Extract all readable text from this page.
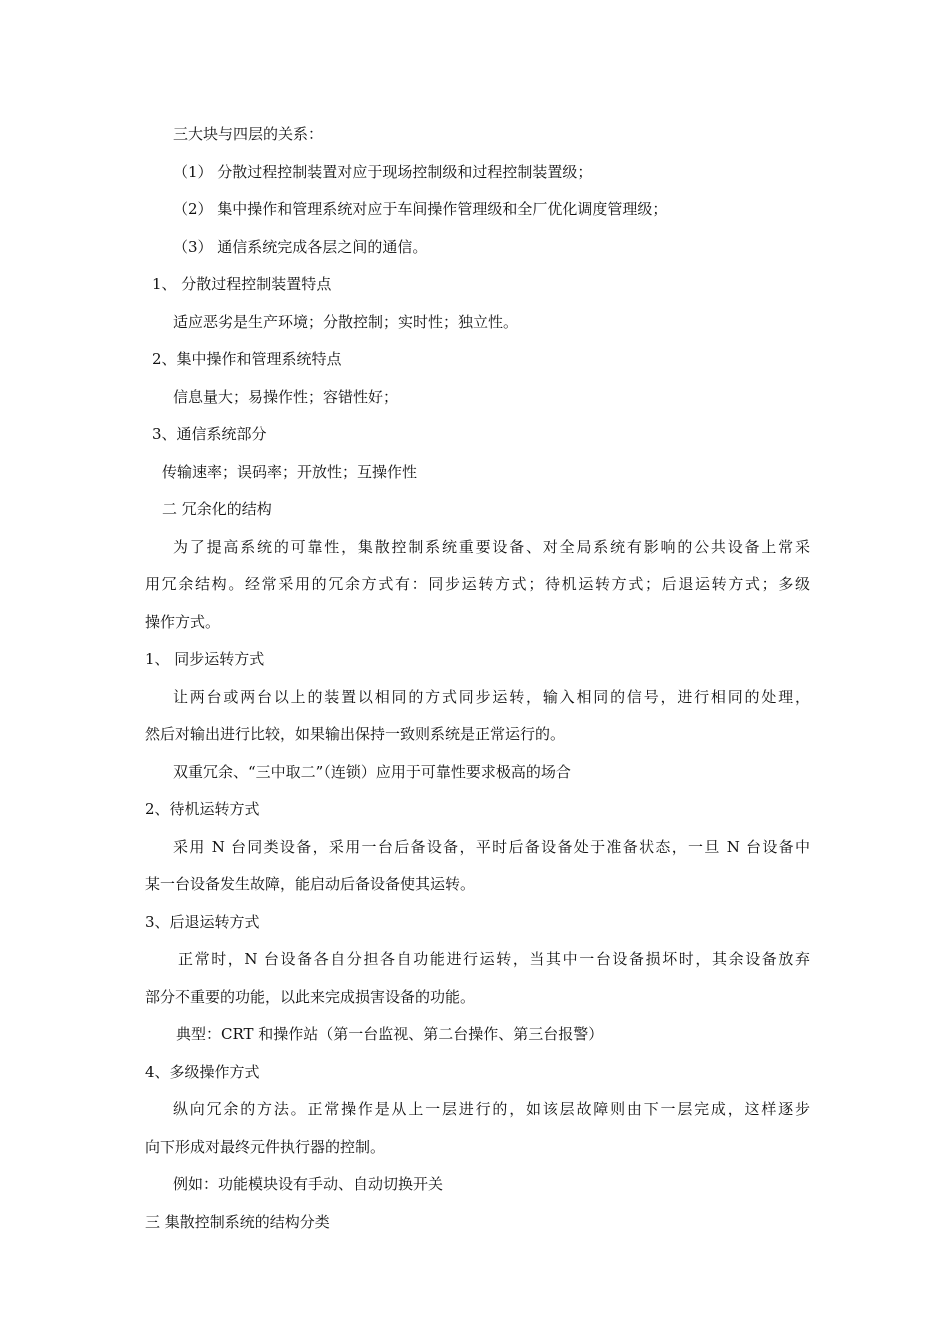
三大块与四层的关系：
（1） 分散过程控制装置对应于现场控制级和过程控制装置级；
（2） 集中操作和管理系统对应于车间操作管理级和全厂优化调度管理级；
（3） 通信系统完成各层之间的通信。
1、 分散过程控制装置特点
适应恶劣是生产环境；分散控制；实时性；独立性。
2、集中操作和管理系统特点
信息量大；易操作性；容错性好；
3、通信系统部分
传输速率；误码率；开放性；互操作性
二 冗余化的结构
为了提高系统的可靠性，集散控制系统重要设备、对全局系统有影响的公共设备上常采
用冗余结构。经常采用的冗余方式有：同步运转方式；待机运转方式；后退运转方式；多级
操作方式。
1、 同步运转方式
让两台或两台以上的装置以相同的方式同步运转，输入相同的信号，进行相同的处理，
然后对输出进行比较，如果输出保持一致则系统是正常运行的。
双重冗余、“三中取二”（连锁）应用于可靠性要求极高的场合
2、待机运转方式
采用 N 台同类设备，采用一台后备设备，平时后备设备处于准备状态，一旦 N 台设备中
某一台设备发生故障，能启动后备设备使其运转。
3、后退运转方式
正常时，N 台设备各自分担各自功能进行运转，当其中一台设备损坏时，其余设备放弃
部分不重要的功能，以此来完成损害设备的功能。
典型：CRT 和操作站（第一台监视、第二台操作、第三台报警）
4、多级操作方式
纵向冗余的方法。正常操作是从上一层进行的，如该层故障则由下一层完成，这样逐步
向下形成对最终元件执行器的控制。
例如：功能模块设有手动、自动切换开关
三 集散控制系统的结构分类
